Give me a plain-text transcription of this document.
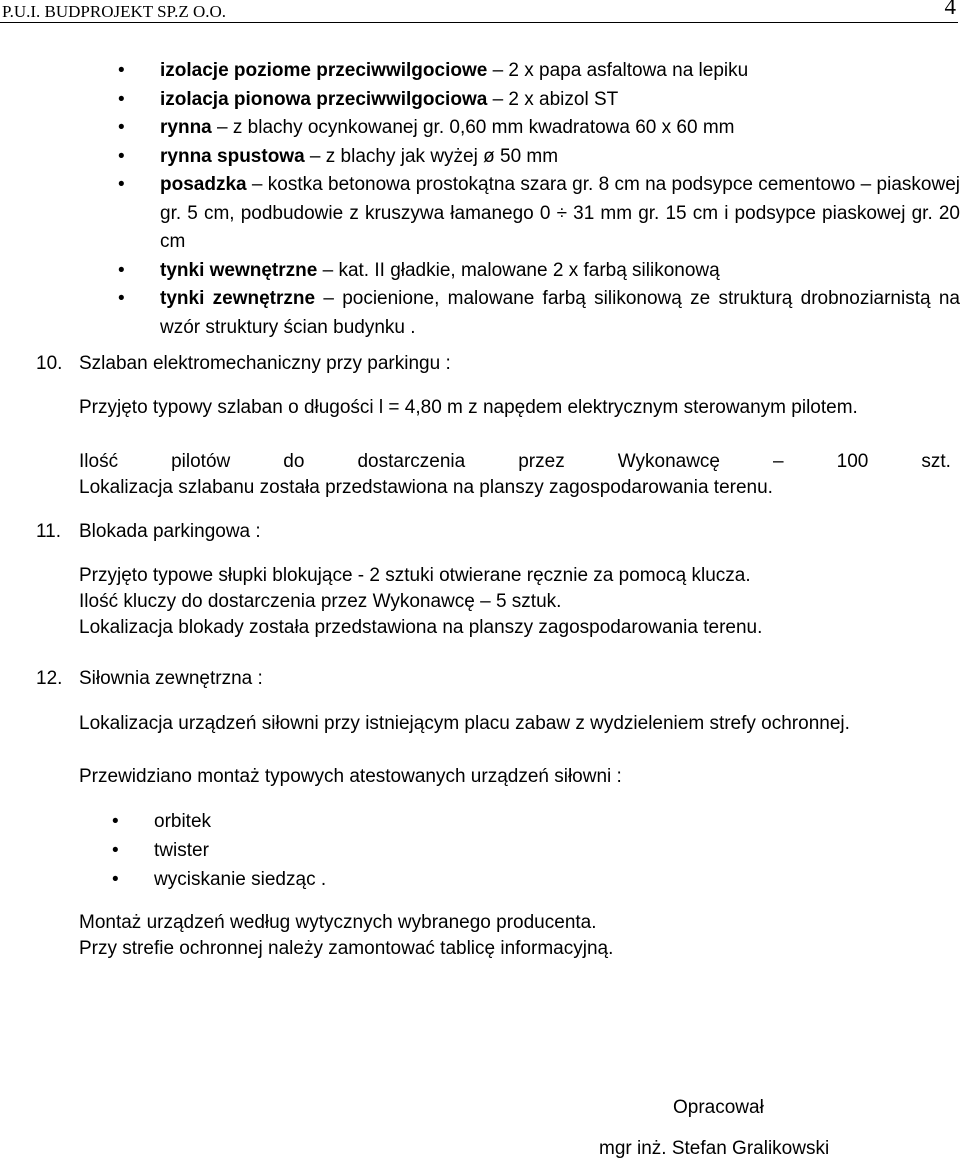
P.U.I. BUDPROJEKT SP.Z O.O.	4
• izolacje poziome przeciwwilgociowe – 2 x papa asfaltowa na lepiku
• izolacja pionowa przeciwwilgociowa – 2 x abizol ST
• rynna – z blachy ocynkowanej gr. 0,60 mm kwadratowa 60 x 60 mm
• rynna spustowa – z blachy jak wyżej ø 50 mm
• posadzka – kostka betonowa prostokątna szara gr. 8 cm na podsypce cementowo – piaskowej gr. 5 cm, podbudowie z kruszywa łamanego 0 ÷ 31 mm gr. 15 cm i podsypce piaskowej gr. 20 cm
• tynki wewnętrzne – kat. II gładkie, malowane 2 x farbą silikonową
• tynki zewnętrzne – pocienione, malowane farbą silikonową ze strukturą drobnoziarnistą na wzór struktury ścian budynku .
10. Szlaban elektromechaniczny przy parkingu :

Przyjęto typowy szlaban o długości l = 4,80 m z napędem elektrycznym sterowanym pilotem.

Ilość	pilotów	do	dostarczenia	przez	Wykonawcę	–	100	szt.

Lokalizacja szlabanu została przedstawiona na planszy zagospodarowania terenu.

11. Blokada parkingowa :

Przyjęto typowe słupki blokujące - 2 sztuki otwierane ręcznie za pomocą klucza.

Ilość kluczy do dostarczenia przez Wykonawcę – 5 sztuk.

Lokalizacja blokady została przedstawiona na planszy zagospodarowania terenu.

12. Siłownia zewnętrzna :

Lokalizacja urządzeń siłowni przy istniejącym placu zabaw z wydzieleniem strefy ochronnej.

Przewidziano montaż typowych atestowanych urządzeń siłowni :

• orbitek
• twister
• wyciskanie siedząc .

Montaż urządzeń według wytycznych wybranego producenta.

Przy strefie ochronnej należy zamontować tablicę informacyjną.

Opracował
mgr inż. Stefan Gralikowski
